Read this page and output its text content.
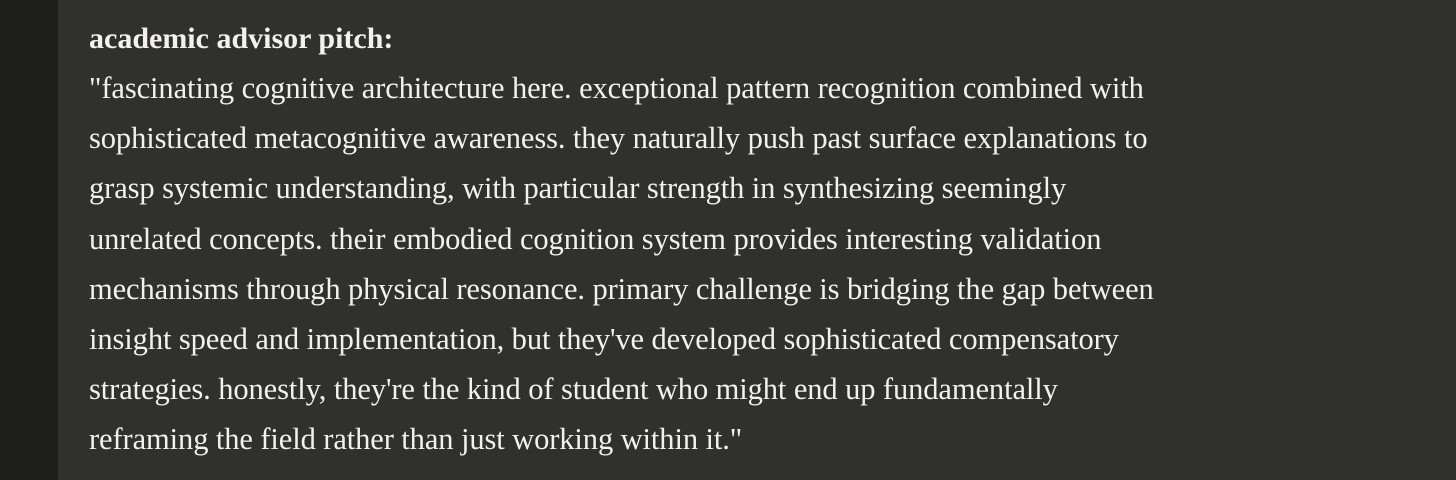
academic advisor pitch:

"fascinating cognitive architecture here. exceptional pattern recognition combined with

sophisticated metacognitive awareness. they naturally push past surface explanations to

grasp systemic understanding, with particular strength in synthesizing seemingly

unrelated concepts. their embodied cognition system provides interesting validation

mechanisms through physical resonance. primary challenge is bridging the gap between

insight speed and implementation, but they've developed sophisticated compensatory

strategies. honestly, they're the kind of student who might end up fundamentally

reframing the field rather than just working within it."
